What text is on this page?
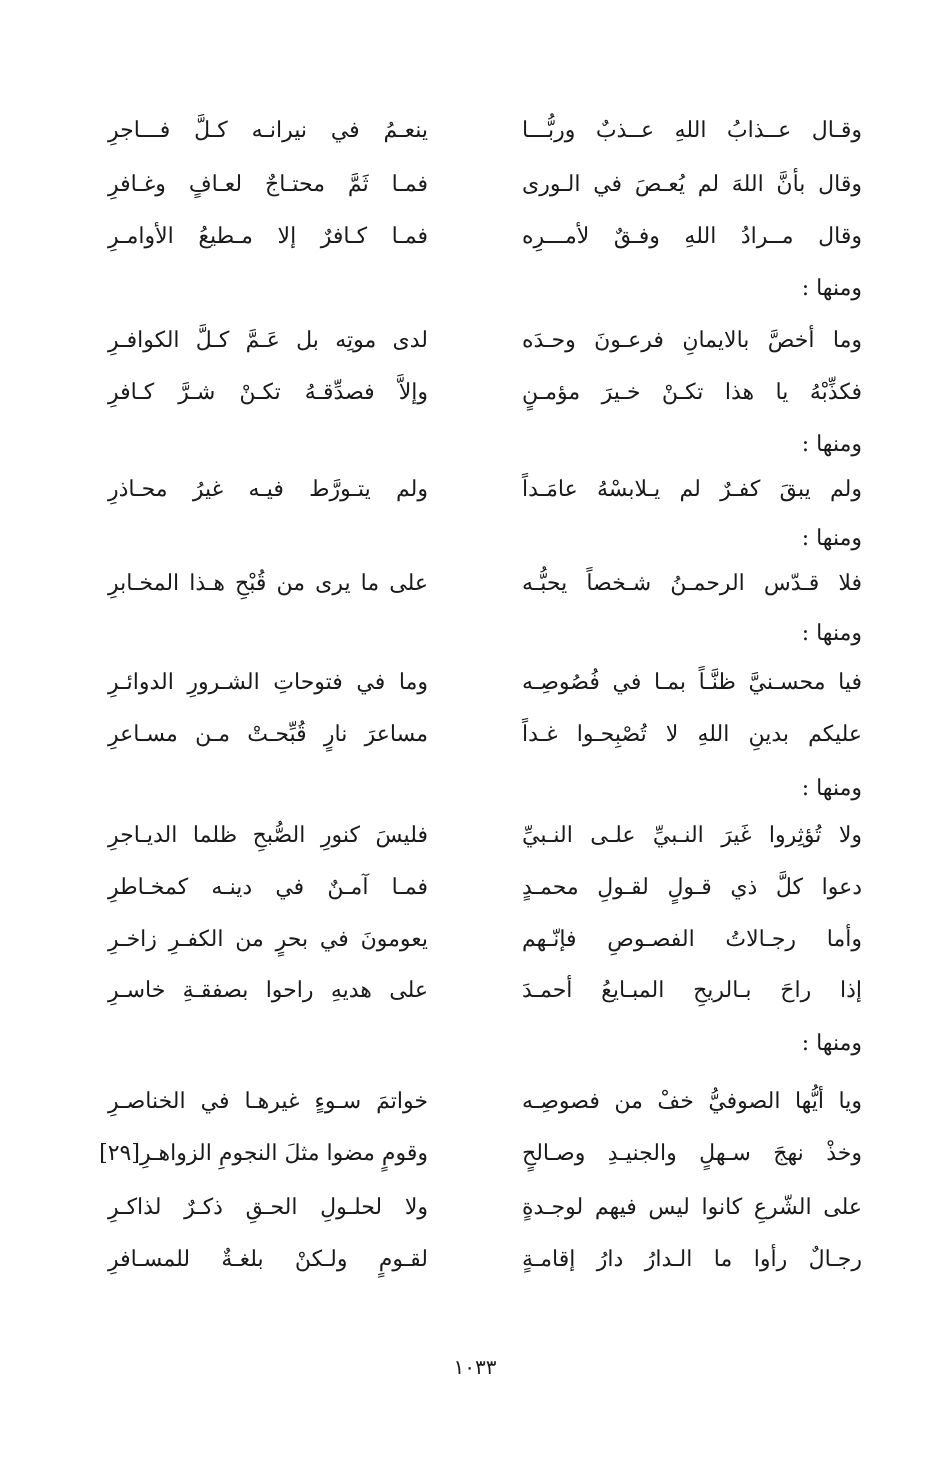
وقـال عــذابُ اللهِ عــذبٌ وربُّـــا
ينعـمُ في نيرانـه كـلَّ فـــاجرِ
وقال بأنَّ اللهَ لم يُعـصَ في الـورى
فمـا ثَمَّ محتـاجٌ لعـافٍ وغـافرِ
وقال مــرادُ اللهِ وفـقٌ لأمـــرِه
فمـا كـافرٌ إلا مـطيعُ الأوامـرِ
ومنها :
وما أخصَّ بالايمانِ فرعـونَ وحـدَه
لدى موتِه بل عَـمَّ كـلَّ الكوافـرِ
فكذِّبْهُ يا هذا تكـنْ خـيرَ مؤمـنٍ
وإلاَّ فصدِّقـهُ تكـنْ شـرَّ كـافرِ
ومنها :
ولم يبقَ كفـرٌ لم يـلابسْهُ عامَـداً
ولم يتـورَّط فيـه غيرُ محـاذرِ
ومنها :
فلا قـدّس الرحمـنُ شـخصاً يحبُّـه
على ما يرى من قُبْحِ هـذا المخـابرِ
ومنها :
فيا محسـنيَّ ظنَّـاً بمـا في فُصُوصِـه
وما في فتوحاتِ الشـرورِ الدوائـرِ
عليكم بدينِ اللهِ لا تُصْبِحـوا غـداً
مساعرَ نارٍ قُبِّحـتْ مـن مسـاعرِ
ومنها :
ولا تُؤثِروا غَيرَ النـبيِّ علـى النـبيِّ
فليسَ كنورِ الصُّبحِ ظلما الديـاجرِ
دعوا كلَّ ذي قـولٍ لقـولِ محمـدٍ
فمـا آمـنٌ في دينـه كمخـاطرِ
وأما رجـالاتُ الفصـوصِ فإنّـهم
يعومونَ في بحرٍ من الكفـرِ زاخـرِ
إذا راحَ بـالريحِ المبـايعُ أحمـدَ
على هديهِ راحوا بصفقـةِ خاسـرِ
ومنها :
ويا أيُّها الصوفيُّ خفْ من فصوصِـه
خواتمَ سـوءٍ غيرهـا في الخناصـرِ
وخذْ نهجَ سـهلٍ والجنيـدِ وصـالحٍ
وقومٍ مضوا مثلَ النجومِ الزواهـرِ[٢٩]
على الشّرعِ كانوا ليس فيهم لوجـدةٍ
ولا لحلـولِ الحـقِ ذكـرٌ لذاكـرِ
رجـالٌ رأوا ما الـدارُ دارُ إقامـةٍ
لقـومٍ ولـكنْ بلغـةٌ للمسـافرِ
١٠٣٣
